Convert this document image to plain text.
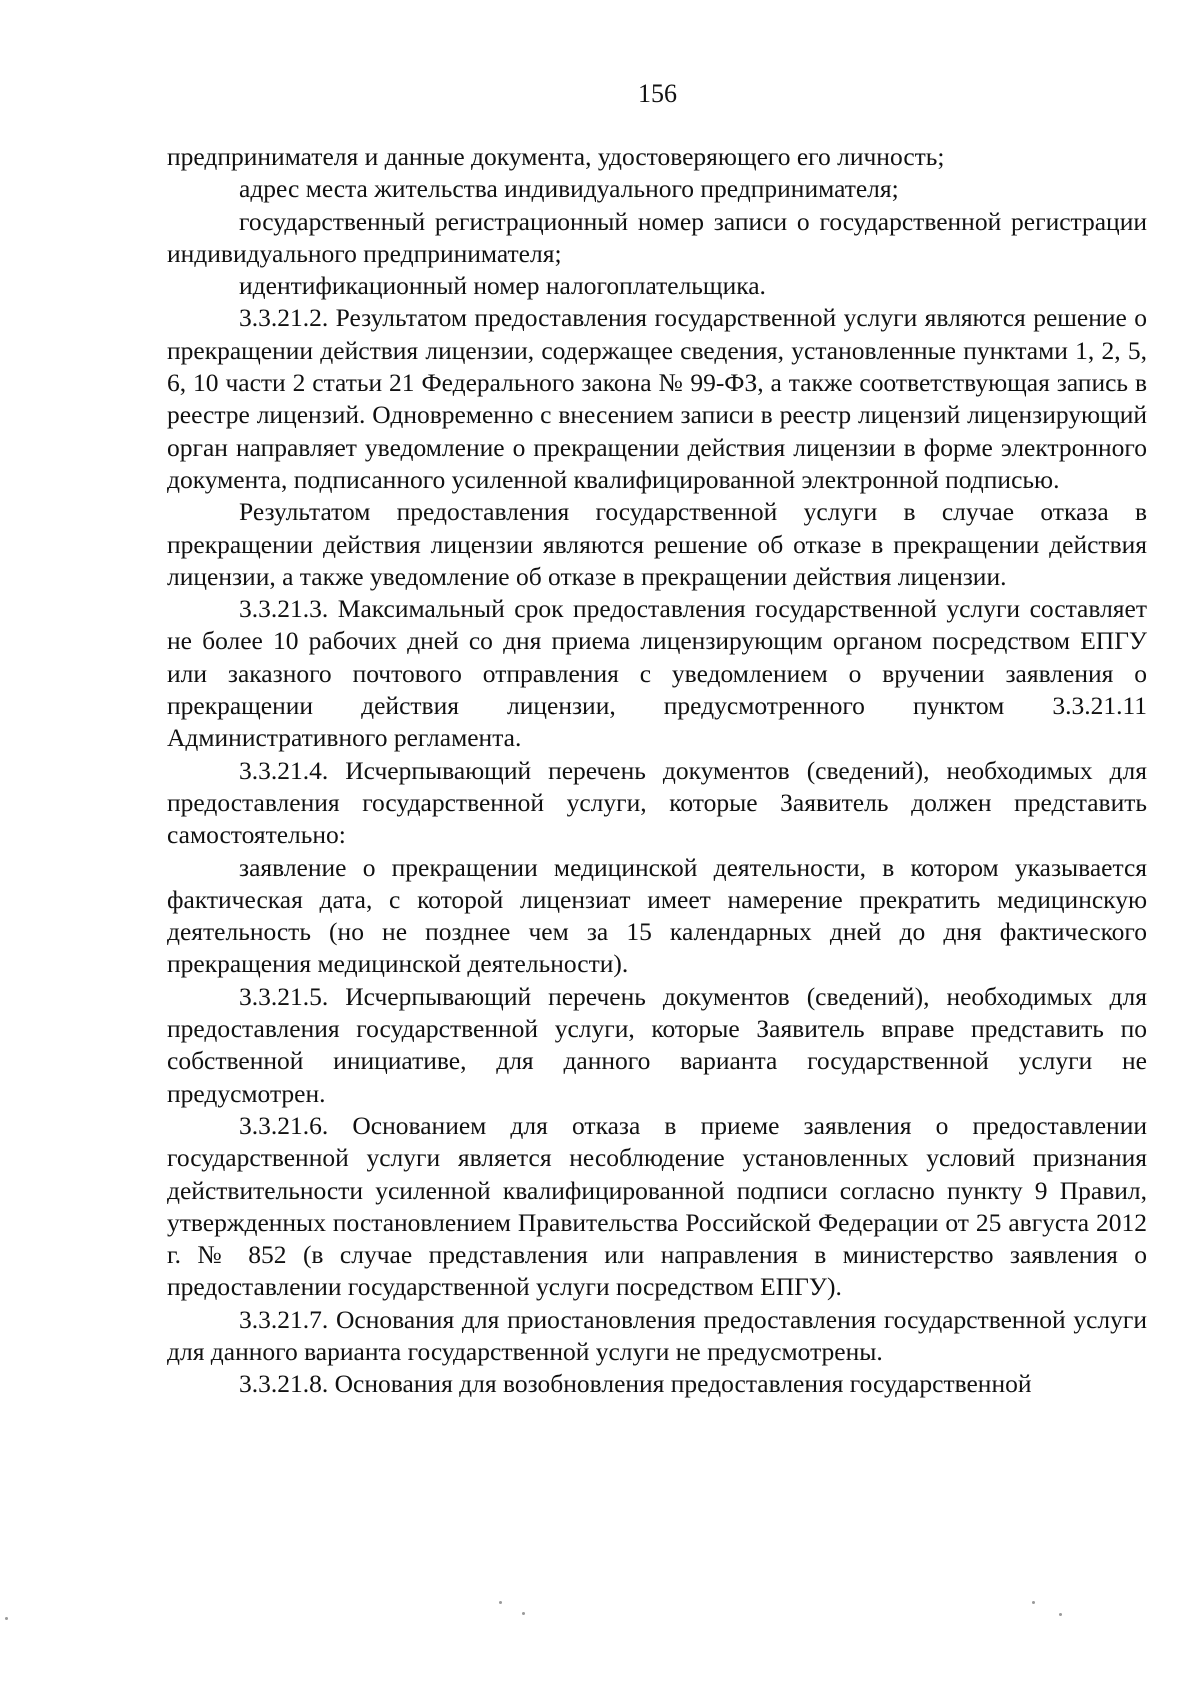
156

предпринимателя и данные документа, удостоверяющего его личность;

адрес места жительства индивидуального предпринимателя;

государственный регистрационный номер записи о государственной регистрации индивидуального предпринимателя;

идентификационный номер налогоплательщика.

3.3.21.2. Результатом предоставления государственной услуги являются решение о прекращении действия лицензии, содержащее сведения, установленные пунктами 1, 2, 5, 6, 10 части 2 статьи 21 Федерального закона № 99-ФЗ, а также соответствующая запись в реестре лицензий. Одновременно с внесением записи в реестр лицензий лицензирующий орган направляет уведомление о прекращении действия лицензии в форме электронного документа, подписанного усиленной квалифицированной электронной подписью.

Результатом предоставления государственной услуги в случае отказа в прекращении действия лицензии являются решение об отказе в прекращении действия лицензии, а также уведомление об отказе в прекращении действия лицензии.

3.3.21.3. Максимальный срок предоставления государственной услуги составляет не более 10 рабочих дней со дня приема лицензирующим органом посредством ЕПГУ или заказного почтового отправления с уведомлением о вручении заявления о прекращении действия лицензии, предусмотренного пунктом 3.3.21.11 Административного регламента.

3.3.21.4. Исчерпывающий перечень документов (сведений), необходимых для предоставления государственной услуги, которые Заявитель должен представить самостоятельно:

заявление о прекращении медицинской деятельности, в котором указывается фактическая дата, с которой лицензиат имеет намерение прекратить медицинскую деятельность (но не позднее чем за 15 календарных дней до дня фактического прекращения медицинской деятельности).

3.3.21.5. Исчерпывающий перечень документов (сведений), необходимых для предоставления государственной услуги, которые Заявитель вправе представить по собственной инициативе, для данного варианта государственной услуги не предусмотрен.

3.3.21.6. Основанием для отказа в приеме заявления о предоставлении государственной услуги является несоблюдение установленных условий признания действительности усиленной квалифицированной подписи согласно пункту 9 Правил, утвержденных постановлением Правительства Российской Федерации от 25 августа 2012 г. № 852 (в случае представления или направления в министерство заявления о предоставлении государственной услуги посредством ЕПГУ).

3.3.21.7. Основания для приостановления предоставления государственной услуги для данного варианта государственной услуги не предусмотрены.

3.3.21.8. Основания для возобновления предоставления государственной
